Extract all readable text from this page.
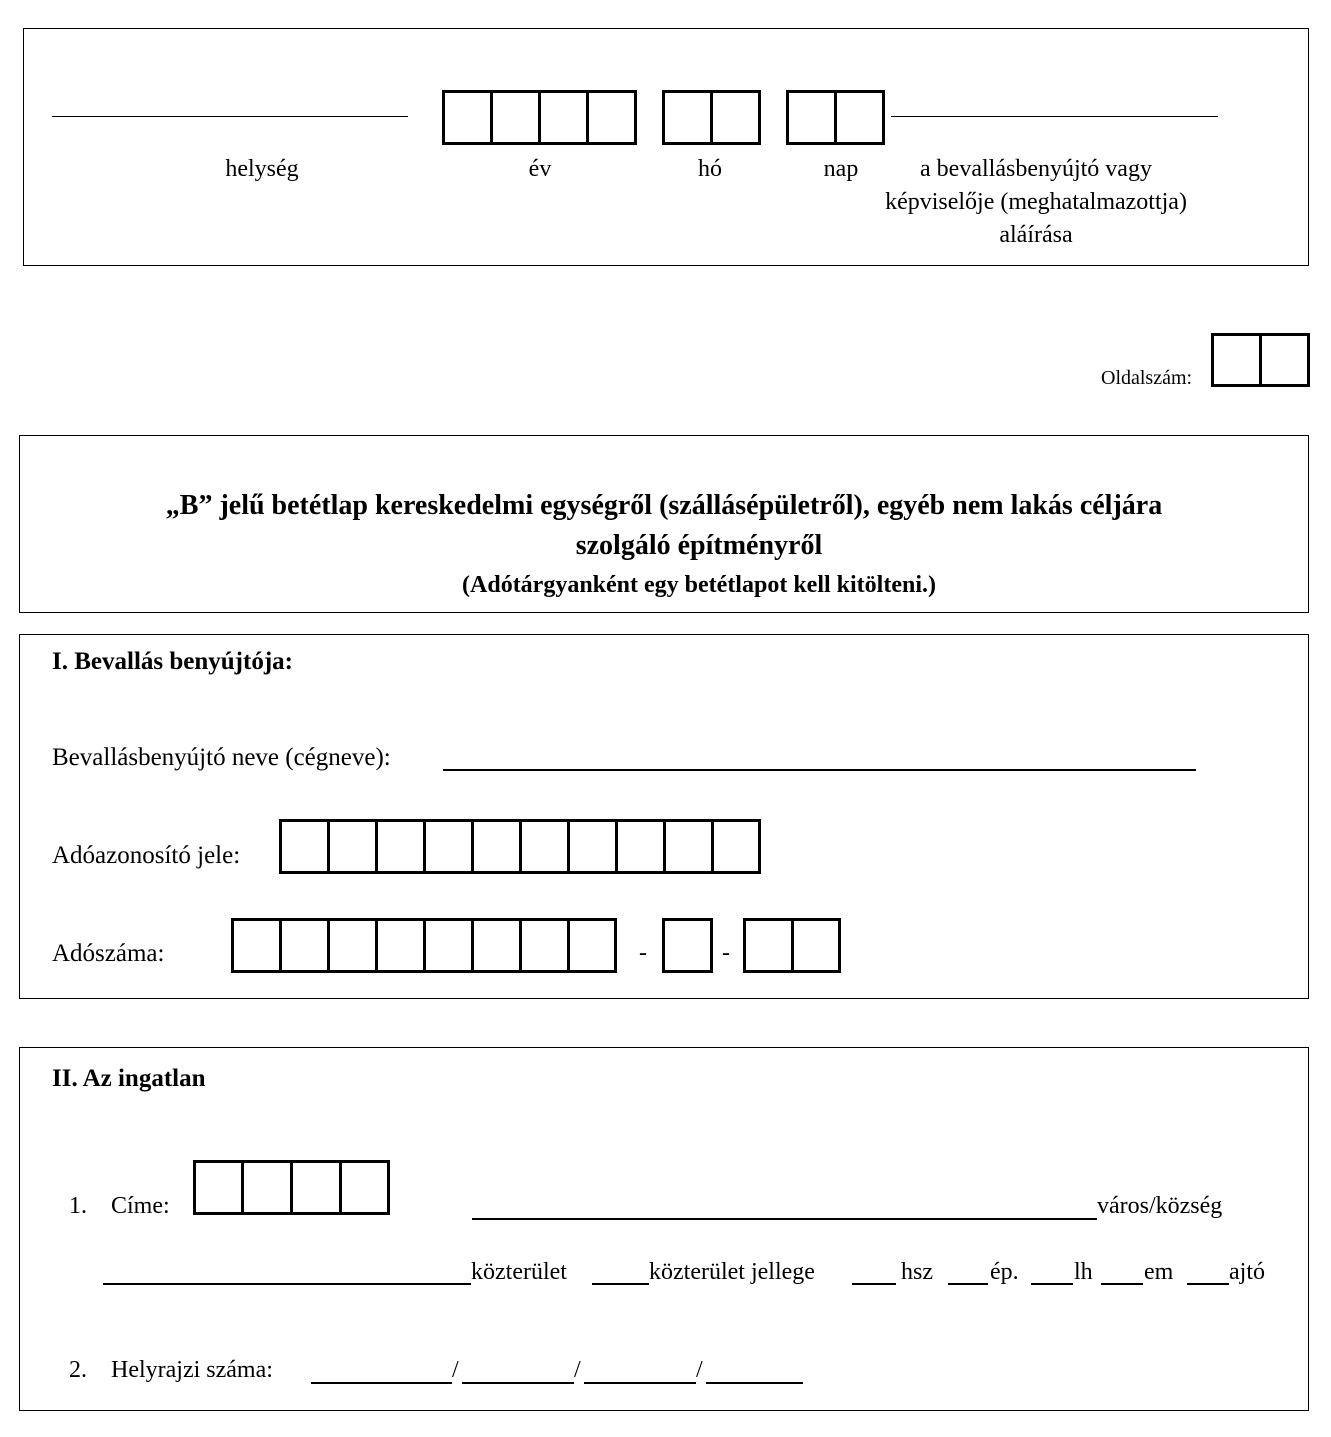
helység	év	hó	nap	a bevallásbenyújtó vagy
képviselője (meghatalmazottja)
aláírása
Oldalszám:
„B” jelű betétlap kereskedelmi egységről (szállásépületről), egyéb nem lakás céljára
szolgáló építményről
(Adótárgyanként egy betétlapot kell kitölteni.)
I. Bevallás benyújtója:
Bevallásbenyújtó neve (cégneve):
Adóazonosító jele:
Adószáma:	-	-
II. Az ingatlan
1. Címe:	város/község
közterület	közterület jellege	hsz ép. lh em ajtó
2. Helyrajzi száma:	/	/	/
